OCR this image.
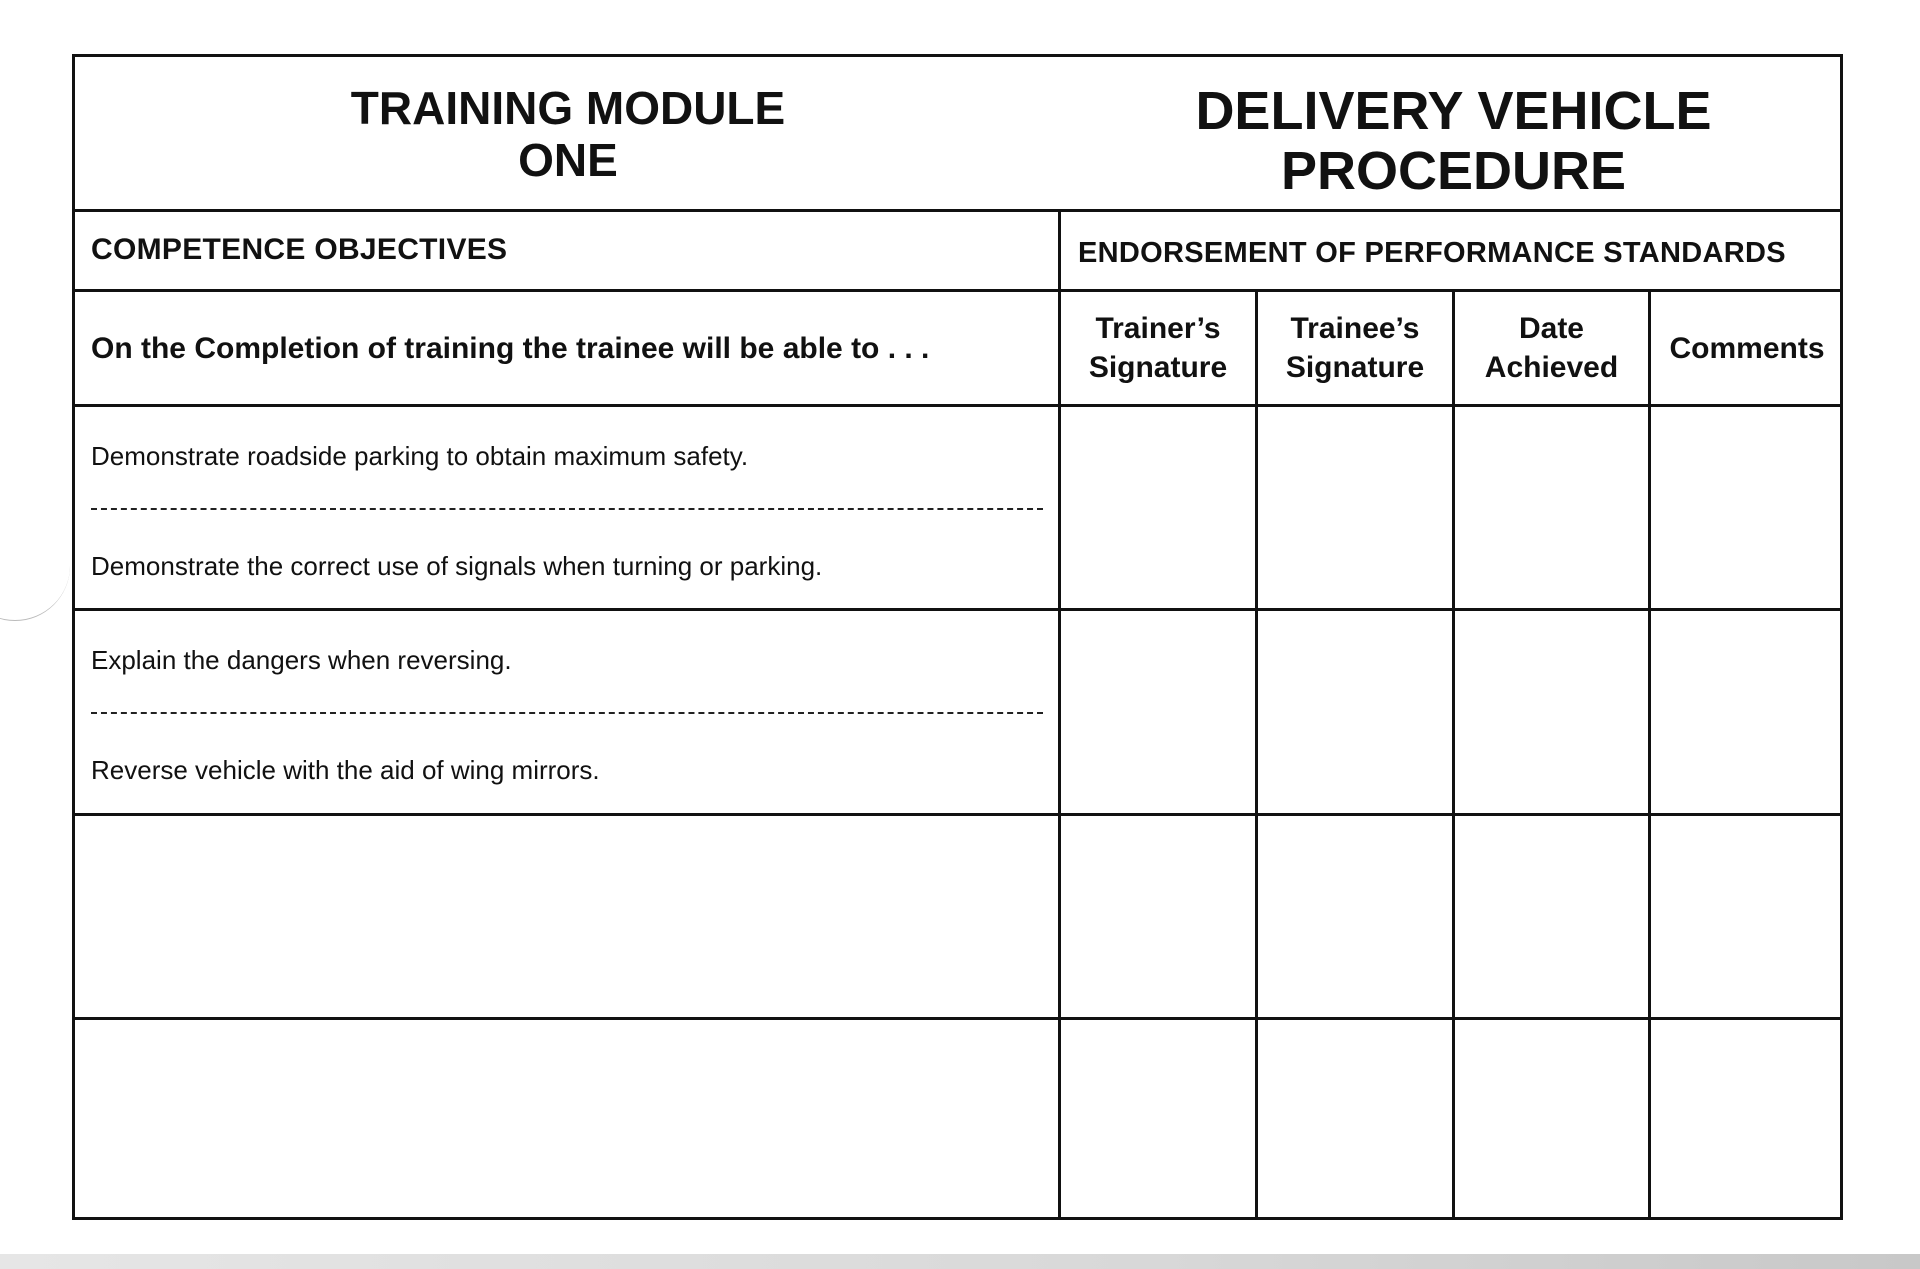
TRAINING MODULE
ONE
DELIVERY VEHICLE
PROCEDURE
COMPETENCE OBJECTIVES	ENDORSEMENT OF PERFORMANCE STANDARDS
On the Completion of training the trainee will be able to . . .
Trainer’s
Signature
Trainee’s
Signature
Date
Achieved
Comments
Demonstrate roadside parking to obtain maximum safety.
Demonstrate the correct use of signals when turning or parking.
Explain the dangers when reversing.
Reverse vehicle with the aid of wing mirrors.
